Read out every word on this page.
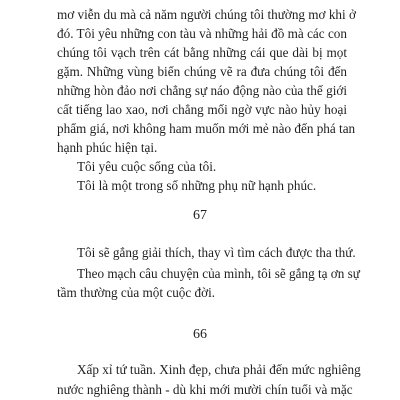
mơ viễn du mà cả năm người chúng tôi thường mơ khi ở
đó. Tôi yêu những con tàu và những hải đồ mà các con
chúng tôi vạch trên cát bằng những cái que dài bị mọt
gặm. Những vùng biển chúng vẽ ra đưa chúng tôi đến
những hòn đảo nơi chẳng sự náo động nào của thế giới
cất tiếng lao xao, nơi chẳng mối ngờ vực nào hủy hoại
phẩm giá, nơi không ham muốn mới mẻ nào đến phá tan
hạnh phúc hiện tại.
Tôi yêu cuộc sống của tôi.
Tôi là một trong số những phụ nữ hạnh phúc.
67
Tôi sẽ gắng giải thích, thay vì tìm cách được tha thứ.
Theo mạch câu chuyện của mình, tôi sẽ gắng tạ ơn sự
tầm thường của một cuộc đời.
66
Xấp xỉ tứ tuần. Xinh đẹp, chưa phải đến mức nghiêng
nước nghiêng thành - dù khi mới mười chín tuổi và mặc
